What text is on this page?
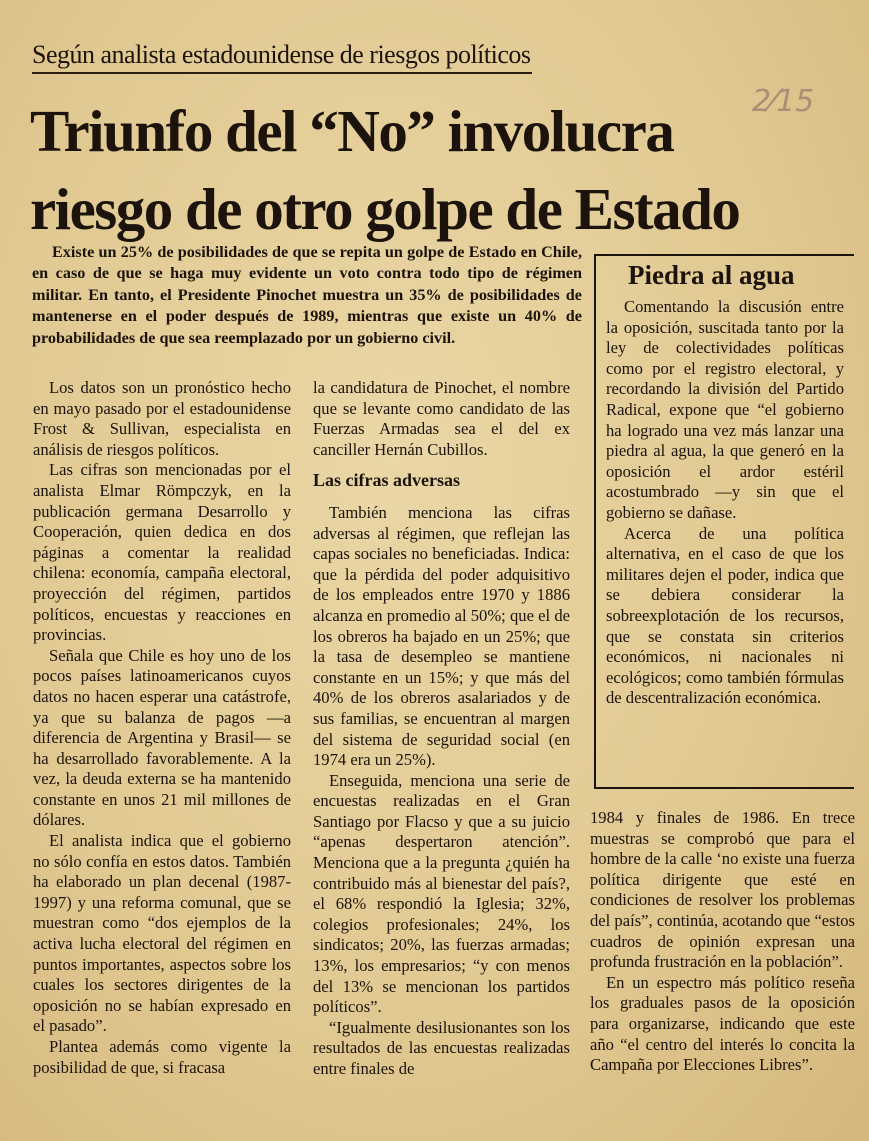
Según analista estadounidense de riesgos políticos
2⁄15
Triunfo del “No” involucra
riesgo de otro golpe de Estado

Existe un 25% de posibilidades de que se repita un golpe de Estado en Chile, en caso de que se haga muy evidente un voto contra todo tipo de régimen militar. En tanto, el Presidente Pinochet muestra un 35% de posibilidades de mantenerse en el poder después de 1989, mientras que existe un 40% de probabilidades de que sea reemplazado por un gobierno civil.

Los datos son un pronóstico hecho en mayo pasado por el estadounidense Frost & Sullivan, especialista en análisis de riesgos políticos.

Las cifras son mencionadas por el analista Elmar Römpczyk, en la publicación germana Desarrollo y Cooperación, quien dedica en dos páginas a comentar la realidad chilena: economía, campaña electoral, proyección del régimen, partidos políticos, encuestas y reacciones en provincias.

Señala que Chile es hoy uno de los pocos países latinoamericanos cuyos datos no hacen esperar una catástrofe, ya que su balanza de pagos —a diferencia de Argentina y Brasil— se ha desarrollado favorablemente. A la vez, la deuda externa se ha mantenido constante en unos 21 mil millones de dólares.

El analista indica que el gobierno no sólo confía en estos datos. También ha elaborado un plan decenal (1987-1997) y una reforma comunal, que se muestran como “dos ejemplos de la activa lucha electoral del régimen en puntos importantes, aspectos sobre los cuales los sectores dirigentes de la oposición no se habían expresado en el pasado”.

Plantea además como vigente la posibilidad de que, si fracasa

la candidatura de Pinochet, el nombre que se levante como candidato de las Fuerzas Armadas sea el del ex canciller Hernán Cubillos.

Las cifras adversas

También menciona las cifras adversas al régimen, que reflejan las capas sociales no beneficiadas. Indica: que la pérdida del poder adquisitivo de los empleados entre 1970 y 1886 alcanza en promedio al 50%; que el de los obreros ha bajado en un 25%; que la tasa de desempleo se mantiene constante en un 15%; y que más del 40% de los obreros asalariados y de sus familias, se encuentran al margen del sistema de seguridad social (en 1974 era un 25%).

Enseguida, menciona una serie de encuestas realizadas en el Gran Santiago por Flacso y que a su juicio “apenas despertaron atención”. Menciona que a la pregunta ¿quién ha contribuido más al bienestar del país?, el 68% respondió la Iglesia; 32%, colegios profesionales; 24%, los sindicatos; 20%, las fuerzas armadas; 13%, los empresarios; “y con menos del 13% se mencionan los partidos políticos”.

“Igualmente desilusionantes son los resultados de las encuestas realizadas entre finales de

Piedra al agua

Comentando la discusión entre la oposición, suscitada tanto por la ley de colectividades políticas como por el registro electoral, y recordando la división del Partido Radical, expone que “el gobierno ha logrado una vez más lanzar una piedra al agua, la que generó en la oposición el ardor estéril acostumbrado —y sin que el gobierno se dañase.

Acerca de una política alternativa, en el caso de que los militares dejen el poder, indica que se debiera considerar la sobreexplotación de los recursos, que se constata sin criterios económicos, ni nacionales ni ecológicos; como también fórmulas de descentralización económica.

1984 y finales de 1986. En trece muestras se comprobó que para el hombre de la calle ‘no existe una fuerza política dirigente que esté en condiciones de resolver los problemas del país”, continúa, acotando que “estos cuadros de opinión expresan una profunda frustración en la población”.

En un espectro más político reseña los graduales pasos de la oposición para organizarse, indicando que este año “el centro del interés lo concita la Campaña por Elecciones Libres”.
